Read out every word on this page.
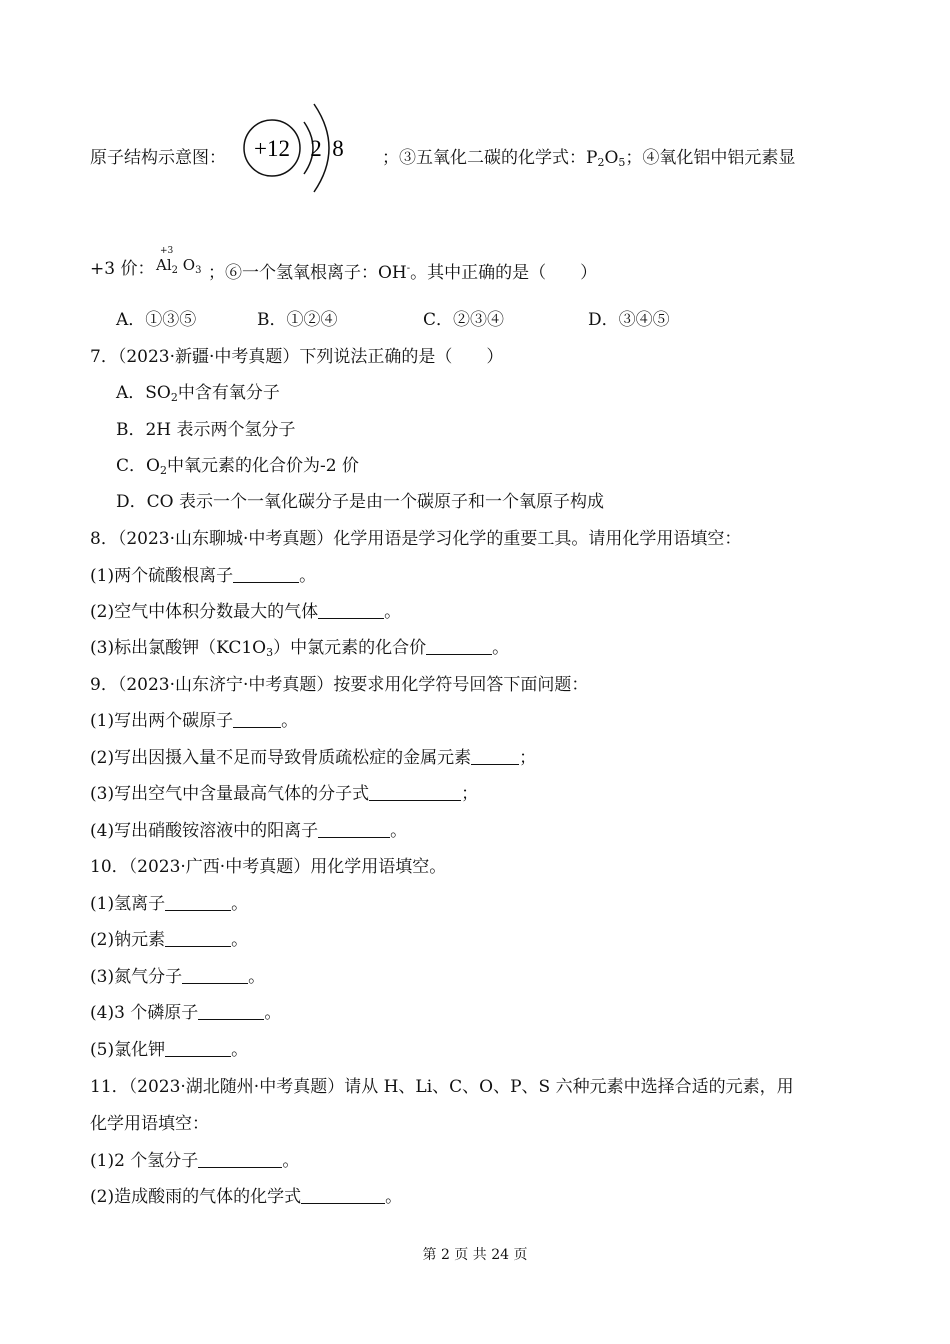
原子结构示意图： +12 2 8 ；③五氧化二碳的化学式：$P_2O_5$；④氧化铝中铝元素显
+3 价：
+3
$Al_2$ $O_3$ ；⑥一个氢氧根离子：OH-。其中正确的是（　　）
A．①③⑤	B．①②④	C．②③④	D．③④⑤
7．（2023·新疆·中考真题）下列说法正确的是（　　）
A．$SO_2$中含有氧分子
B．2H 表示两个氢分子
C．$O_2$中氧元素的化合价为-2 价
D．CO 表示一个一氧化碳分子是由一个碳原子和一个氧原子构成
8．（2023·山东聊城·中考真题）化学用语是学习化学的重要工具。请用化学用语填空：
(1)两个硫酸根离子	。
(2)空气中体积分数最大的气体	。
(3)标出氯酸钾$(KC1O_3)$中氯元素的化合价	。
9．（2023·山东济宁·中考真题）按要求用化学符号回答下面问题：
(1)写出两个碳原子	。
(2)写出因摄入量不足而导致骨质疏松症的金属元素	；
(3)写出空气中含量最高气体的分子式	；
(4)写出硝酸铵溶液中的阳离子	。
10．（2023·广西·中考真题）用化学用语填空。
(1)氢离子	。
(2)钠元素	。
(3)氮气分子	。
(4)3 个磷原子	。
(5)氯化钾	。
11．（2023·湖北随州·中考真题）请从 H、Li、C、O、P、S 六种元素中选择合适的元素，用
化学用语填空：
(1)2 个氢分子	。
(2)造成酸雨的气体的化学式	。
第 2 页 共 24 页
